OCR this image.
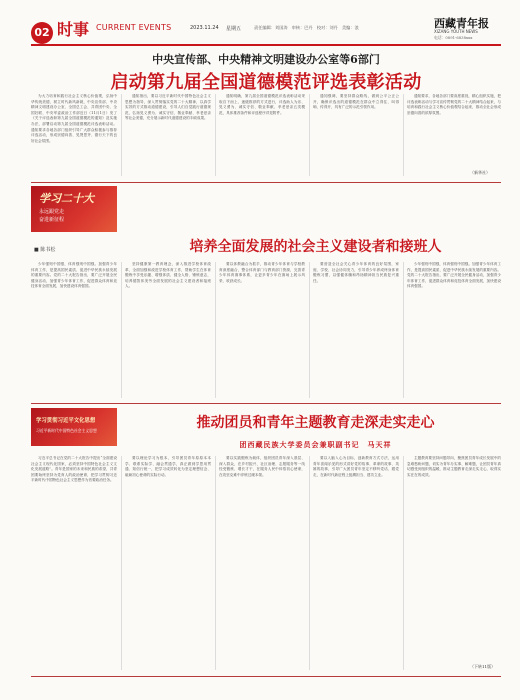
02 时事 CURRENT EVENTS	2023.11.24 星期五	责任编辑：刘国涛　审核：巴丹　校对：刘丹　美编：浪	西藏青年报
XIZANG YOUTH NEWS
电话：0891-6838xxx
中央宣传部、中央精神文明建设办公室等6部门
启动第九届全国道德模范评选表彰活动

为大力培育和践行社会主义核心价值观，弘扬中华传统美德，树立时代新风新貌，中央宣传部、中央精神文明建设办公室、全国总工会、共青团中央、全国妇联、中央军委政治工作部近日（11月1日）发了《关于评选表彰第九届全国道德模范的通知》及实施办法，部署启动第九届全国道德模范评选表彰活动。通知要求各地各部门组织引导广大群众积极参与推荐评选活动，形成崇德向善、见贤思齐、德行天下的良好社会氛围。

通知指出，要以习近平新时代中国特色社会主义思想为指导，深入贯彻落实党的二十大精神，以真学实效的方式推动道德建设，引导人们自觉践行道德规范，弘扬见义勇为、诚实守信、敬业奉献、孝老爱亲等社会美德，充分展示新时代道德建设的丰硕成果。

通知明确，第九届全国道德模范评选表彰活动采取自下而上、逐级推荐的方式进行，评选助人为乐、见义勇为、诚实守信、敬业奉献、孝老爱亲五类模范，具体推荐条件和评选程序详见附件。

通知强调，要坚持群众路线，做到公平公正公开，确保评选出的道德模范在群众中立得住、叫得响、传得开，具有广泛的示范引领作用。

通知要求，各地各部门要高度重视，精心组织实施，把评选表彰活动与学习宣传贯彻党的二十大精神结合起来，与培育和践行社会主义核心价值观结合起来，推动全社会形成崇德向善的浓厚氛围。

（新华社）
学习二十大
永远跟党走
奋进新征程
培养全面发展的社会主义建设者和接班人
■ 陈书松

少年强则中国强，体育强则中国强。加强青少年体育工作，是提高国民素质、促进中华民族永续发展的重要内容。党的二十大报告指出，要广泛开展全民健身活动，加强青少年体育工作，促进群众体育和竞技体育全面发展，加快建设体育强国。

坚持健康第一教育理念，深入推进学校体育改革，全面加强和改进学校体育工作，帮助学生在体育锻炼中享受乐趣、增强体质、健全人格、锤炼意志，培养德智体美劳全面发展的社会主义建设者和接班人。

要以体教融合为抓手，推动青少年体育与学校教育深度融合，整合体育部门与教育部门资源，完善青少年体育赛事体系，让更多青少年在赛场上展示风采、收获成长。

要营造全社会关心青少年体育的良好氛围，家庭、学校、社会协同发力，引导青少年养成终身体育锻炼习惯，以强健体魄和昂扬精神担当民族复兴重任。

少年强则中国强，体育强则中国强。加强青少年体育工作，是提高国民素质、促进中华民族永续发展的重要内容。党的二十大报告指出，要广泛开展全民健身活动，加强青少年体育工作，促进群众体育和竞技体育全面发展，加快建设体育强国。

学习贯彻习近平文化思想
习近平新时代中国特色社会主义思想	推动团员和青年主题教育走深走实走心
团西藏民族大学委员会兼职副书记　马天祥

习近平总书记在党的二十大报告中提出“全面建设社会主义现代化国家，必须坚持中国特色社会主义文化发展道路”。青年是国家的未来和民族的希望，共青团要始终坚持为党育人的政治使命，把学习贯彻习近平新时代中国特色社会主义思想作为首要政治任务。

要以理论学习为根本，引导团员青年原原本本学、联系实际学、融会贯通学，真正做到学思用贯通、知信行统一，把学习成效转化为坚定理想信念、砥砺初心使命的实际行动。

要以实践锻炼为载体，组织团员青年深入基层、深入群众，在乡村振兴、社区治理、志愿服务等一线经受锻炼、增长才干，在服务人民中体悟初心使命，在攻坚克难中淬炼过硬本领。

要以入脑入心为目标，创新教育方式方法，运用青年喜闻乐见的形式讲好党的故事、革命的故事、英雄的故事，引导广大团员青年坚定不移听党话、跟党走，在新时代新征程上挺膺担当、建功立业。

主题教育要坚持问题导向，聚焦团员青年成长发展中的急难愁盼问题，切实为青年办实事、解难题，让团员青年真切感受到组织的温暖，推动主题教育走深走实走心，取得实实在在的成效。

（下转11版）
